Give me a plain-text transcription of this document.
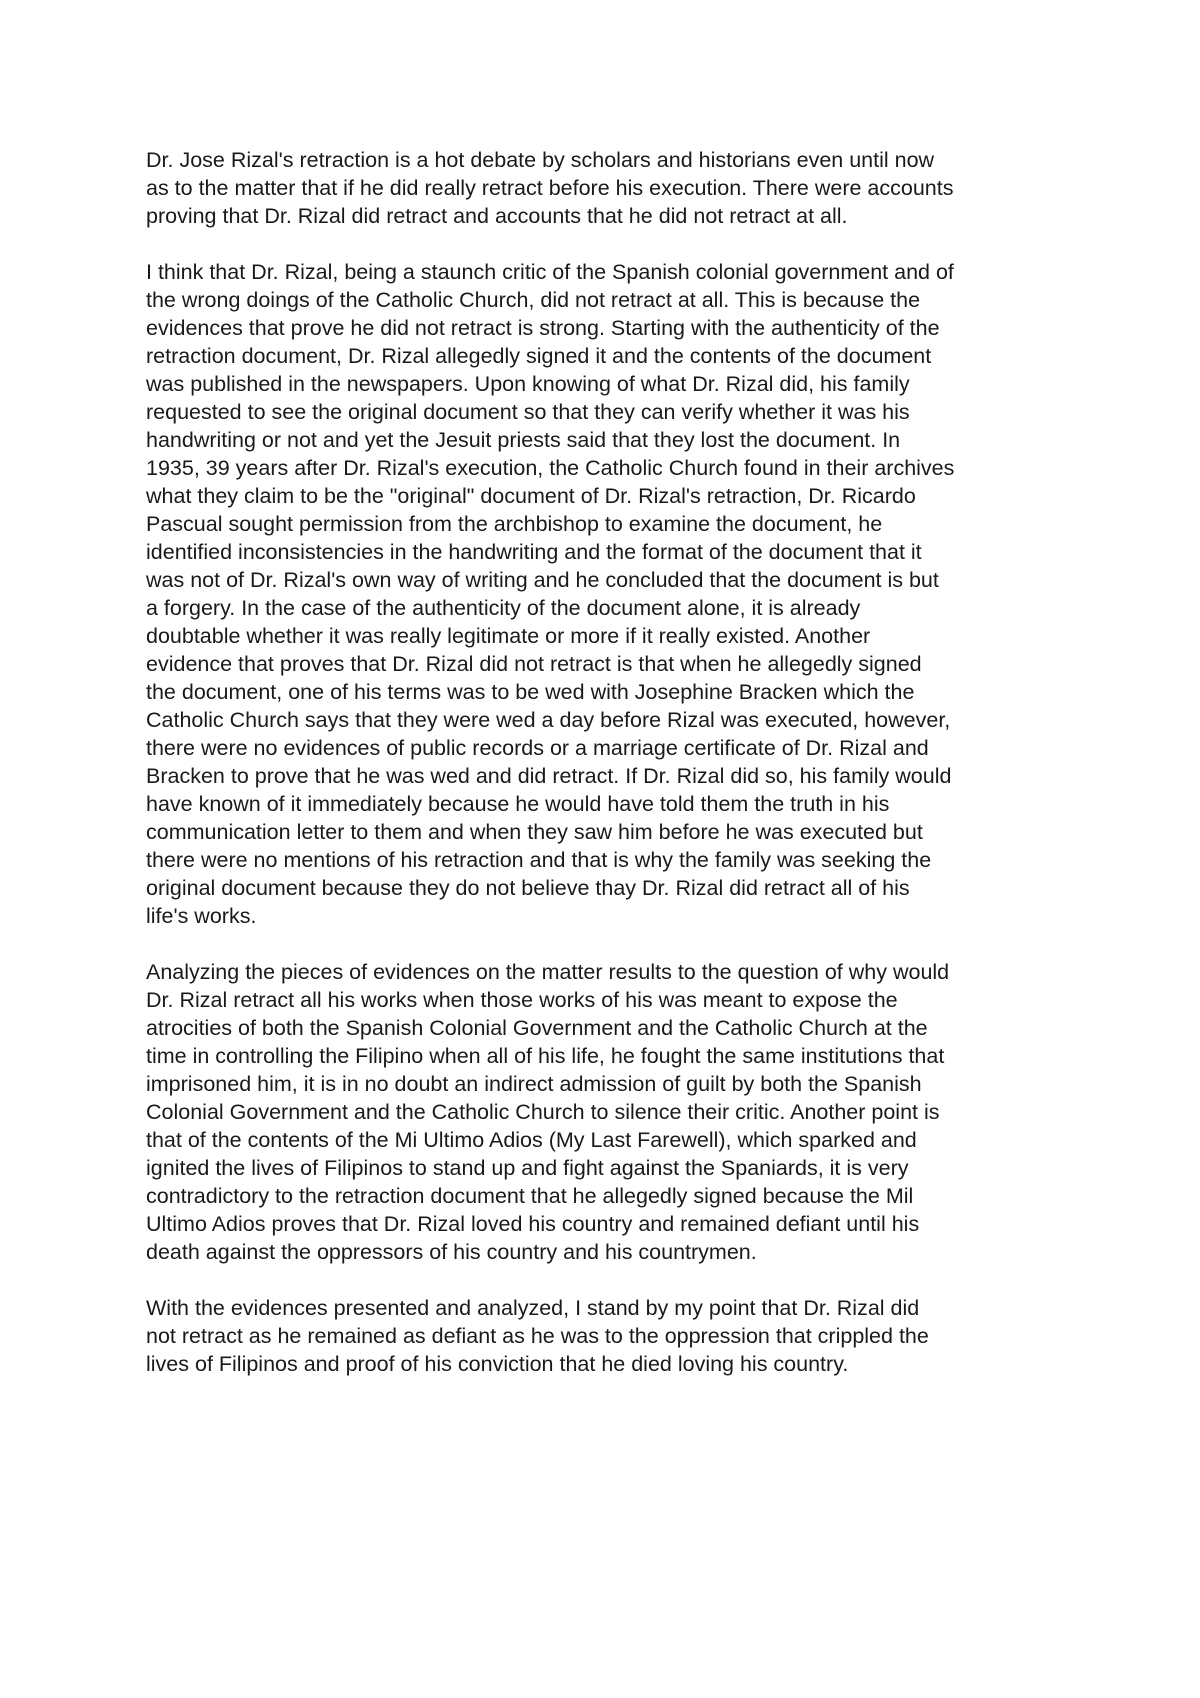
Dr. Jose Rizal's retraction is a hot debate by scholars and historians even until now
as to the matter that if he did really retract before his execution. There were accounts
proving that Dr. Rizal did retract and accounts that he did not retract at all.

I think that Dr. Rizal, being a staunch critic of the Spanish colonial government and of
the wrong doings of the Catholic Church, did not retract at all. This is because the
evidences that prove he did not retract is strong. Starting with the authenticity of the
retraction document, Dr. Rizal allegedly signed it and the contents of the document
was published in the newspapers. Upon knowing of what Dr. Rizal did, his family
requested to see the original document so that they can verify whether it was his
handwriting or not and yet the Jesuit priests said that they lost the document. In
1935, 39 years after Dr. Rizal's execution, the Catholic Church found in their archives
what they claim to be the "original" document of Dr. Rizal's retraction, Dr. Ricardo
Pascual sought permission from the archbishop to examine the document, he
identified inconsistencies in the handwriting and the format of the document that it
was not of Dr. Rizal's own way of writing and he concluded that the document is but
a forgery. In the case of the authenticity of the document alone, it is already
doubtable whether it was really legitimate or more if it really existed. Another
evidence that proves that Dr. Rizal did not retract is that when he allegedly signed
the document, one of his terms was to be wed with Josephine Bracken which the
Catholic Church says that they were wed a day before Rizal was executed, however,
there were no evidences of public records or a marriage certificate of Dr. Rizal and
Bracken to prove that he was wed and did retract. If Dr. Rizal did so, his family would
have known of it immediately because he would have told them the truth in his
communication letter to them and when they saw him before he was executed but
there were no mentions of his retraction and that is why the family was seeking the
original document because they do not believe thay Dr. Rizal did retract all of his
life's works.

Analyzing the pieces of evidences on the matter results to the question of why would
Dr. Rizal retract all his works when those works of his was meant to expose the
atrocities of both the Spanish Colonial Government and the Catholic Church at the
time in controlling the Filipino when all of his life, he fought the same institutions that
imprisoned him, it is in no doubt an indirect admission of guilt by both the Spanish
Colonial Government and the Catholic Church to silence their critic. Another point is
that of the contents of the Mi Ultimo Adios (My Last Farewell), which sparked and
ignited the lives of Filipinos to stand up and fight against the Spaniards, it is very
contradictory to the retraction document that he allegedly signed because the Mil
Ultimo Adios proves that Dr. Rizal loved his country and remained defiant until his
death against the oppressors of his country and his countrymen.

With the evidences presented and analyzed, I stand by my point that Dr. Rizal did
not retract as he remained as defiant as he was to the oppression that crippled the
lives of Filipinos and proof of his conviction that he died loving his country.
